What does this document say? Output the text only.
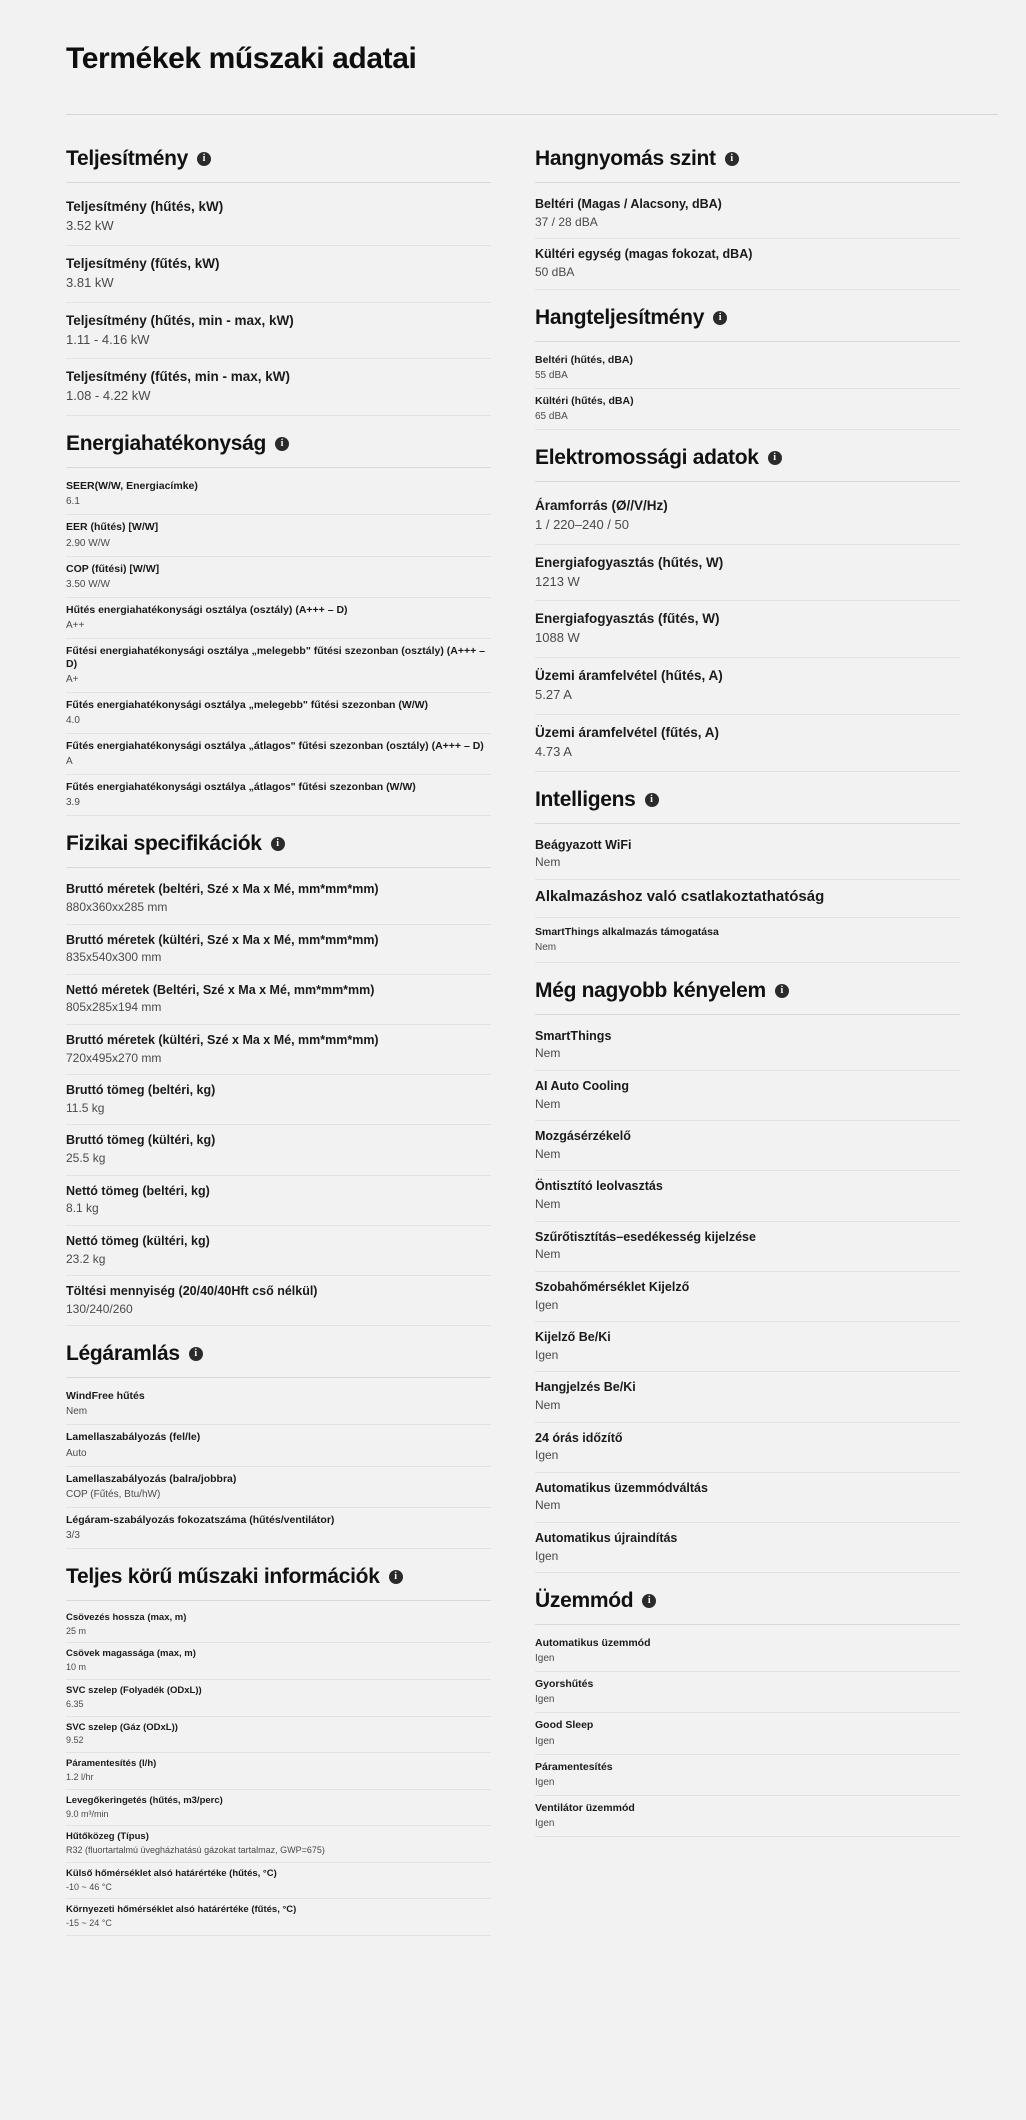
Termékek műszaki adatai
Teljesítmény	i
Teljesítmény (hűtés, kW)
3.52 kW
Teljesítmény (fűtés, kW)
3.81 kW
Teljesítmény (hűtés, min - max, kW)
1.11 - 4.16 kW
Teljesítmény (fűtés, min - max, kW)
1.08 - 4.22 kW
Energiahatékonyság	i
SEER(W/W, Energiacímke)
6.1
EER (hűtés) [W/W]
2.90 W/W
COP (fűtési) [W/W]
3.50 W/W
Hűtés energiahatékonysági osztálya (osztály) (A+++ – D)
A++
Fűtési energiahatékonysági osztálya „melegebb" fűtési szezonban (osztály) (A+++ – D)
A+
Fűtés energiahatékonysági osztálya „melegebb" fűtési szezonban (W/W)
4.0
Fűtés energiahatékonysági osztálya „átlagos" fűtési szezonban (osztály) (A+++ – D)
A
Fűtés energiahatékonysági osztálya „átlagos" fűtési szezonban (W/W)
3.9
Fizikai specifikációk	i
Bruttó méretek (beltéri, Szé x Ma x Mé, mm*mm*mm)
880x360xx285 mm
Bruttó méretek (kültéri, Szé x Ma x Mé, mm*mm*mm)
835x540x300 mm
Nettó méretek (Beltéri, Szé x Ma x Mé, mm*mm*mm)
805x285x194 mm
Bruttó méretek (kültéri, Szé x Ma x Mé, mm*mm*mm)
720x495x270 mm
Bruttó tömeg (beltéri, kg)
11.5 kg
Bruttó tömeg (kültéri, kg)
25.5 kg
Nettó tömeg (beltéri, kg)
8.1 kg
Nettó tömeg (kültéri, kg)
23.2 kg
Töltési mennyiség (20/40/40Hft cső nélkül)
130/240/260
Légáramlás	i
WindFree hűtés
Nem
Lamellaszabályozás (fel/le)
Auto
Lamellaszabályozás (balra/jobbra)
COP (Fűtés, Btu/hW)
Légáram-szabályozás fokozatszáma (hűtés/ventilátor)
3/3
Teljes körű műszaki információk	i
Csövezés hossza (max, m)
25 m
Csövek magassága (max, m)
10 m
SVC szelep (Folyadék (ODxL))
6.35
SVC szelep (Gáz (ODxL))
9.52
Páramentesítés (l/h)
1.2 l/hr
Levegőkeringetés (hűtés, m3/perc)
9.0 m³/min
Hűtőközeg (Típus)
R32 (fluortartalmú üvegházhatású gázokat tartalmaz, GWP=675)
Külső hőmérséklet alsó határértéke (hűtés, °C)
-10 ~ 46 °C
Környezeti hőmérséklet alsó határértéke (fűtés, °C)
-15 ~ 24 °C
Hangnyomás szint	i
Beltéri (Magas / Alacsony, dBA)
37 / 28 dBA
Kültéri egység (magas fokozat, dBA)
50 dBA
Hangteljesítmény	i
Beltéri (hűtés, dBA)
55 dBA
Kültéri (hűtés, dBA)
65 dBA
Elektromossági adatok	i
Áramforrás (Ø//V/Hz)
1 / 220–240 / 50
Energiafogyasztás (hűtés, W)
1213 W
Energiafogyasztás (fűtés, W)
1088 W
Üzemi áramfelvétel (hűtés, A)
5.27 A
Üzemi áramfelvétel (fűtés, A)
4.73 A
Intelligens	i
Beágyazott WiFi
Nem
Alkalmazáshoz való csatlakoztathatóság
SmartThings alkalmazás támogatása
Nem
Még nagyobb kényelem	i
SmartThings
Nem
AI Auto Cooling
Nem
Mozgásérzékelő
Nem
Öntisztító leolvasztás
Nem
Szűrőtisztítás–esedékesség kijelzése
Nem
Szobahőmérséklet Kijelző
Igen
Kijelző Be/Ki
Igen
Hangjelzés Be/Ki
Nem
24 órás időzítő
Igen
Automatikus üzemmódváltás
Nem
Automatikus újraindítás
Igen
Üzemmód	i
Automatikus üzemmód
Igen
Gyorshűtés
Igen
Good Sleep
Igen
Páramentesítés
Igen
Ventilátor üzemmód
Igen
